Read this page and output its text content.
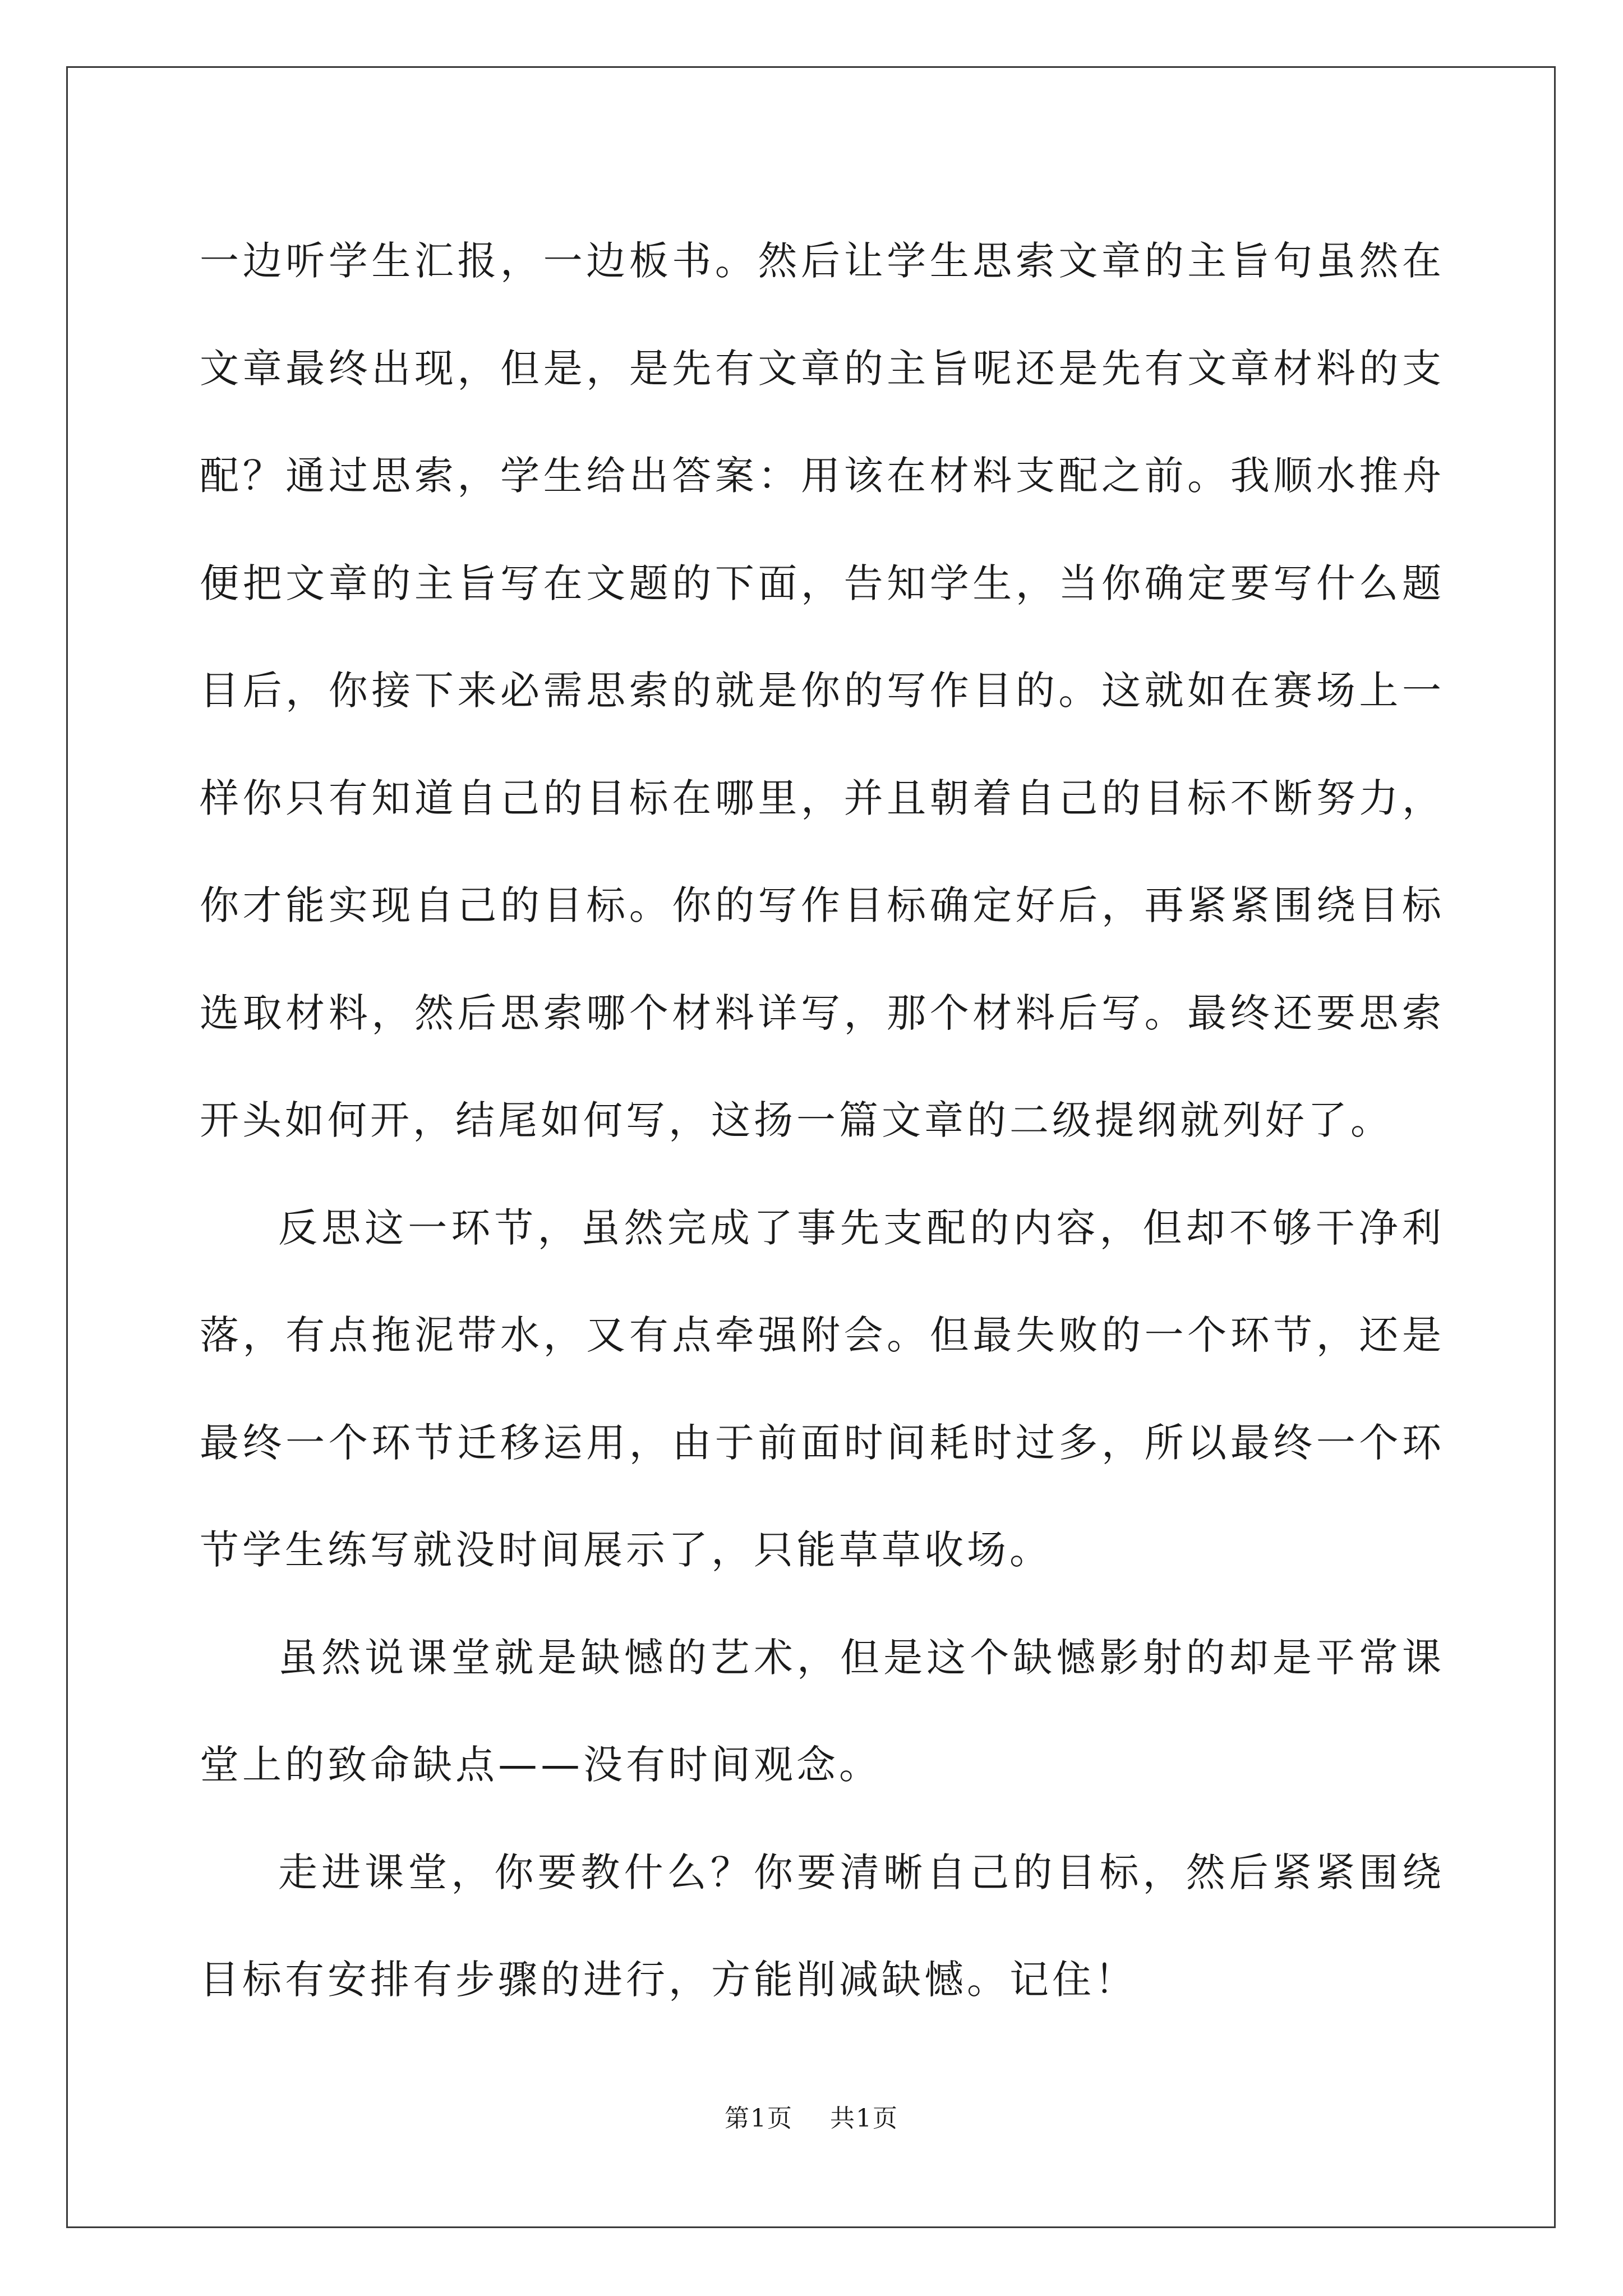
一边听学生汇报，一边板书。然后让学生思索文章的主旨句虽然在文章最终出现，但是，是先有文章的主旨呢还是先有文章材料的支配？通过思索，学生给出答案：用该在材料支配之前。我顺水推舟便把文章的主旨写在文题的下面，告知学生，当你确定要写什么题目后，你接下来必需思索的就是你的写作目的。这就如在赛场上一样你只有知道自己的目标在哪里，并且朝着自己的目标不断努力，你才能实现自己的目标。你的写作目标确定好后，再紧紧围绕目标选取材料，然后思索哪个材料详写，那个材料后写。最终还要思索开头如何开，结尾如何写，这扬一篇文章的二级提纲就列好了。

反思这一环节，虽然完成了事先支配的内容，但却不够干净利落，有点拖泥带水，又有点牵强附会。但最失败的一个环节，还是最终一个环节迁移运用，由于前面时间耗时过多，所以最终一个环节学生练写就没时间展示了，只能草草收场。

虽然说课堂就是缺憾的艺术，但是这个缺憾影射的却是平常课堂上的致命缺点——没有时间观念。

走进课堂，你要教什么？你要清晰自己的目标，然后紧紧围绕目标有安排有步骤的进行，方能削减缺憾。记住！

第1页 共1页
